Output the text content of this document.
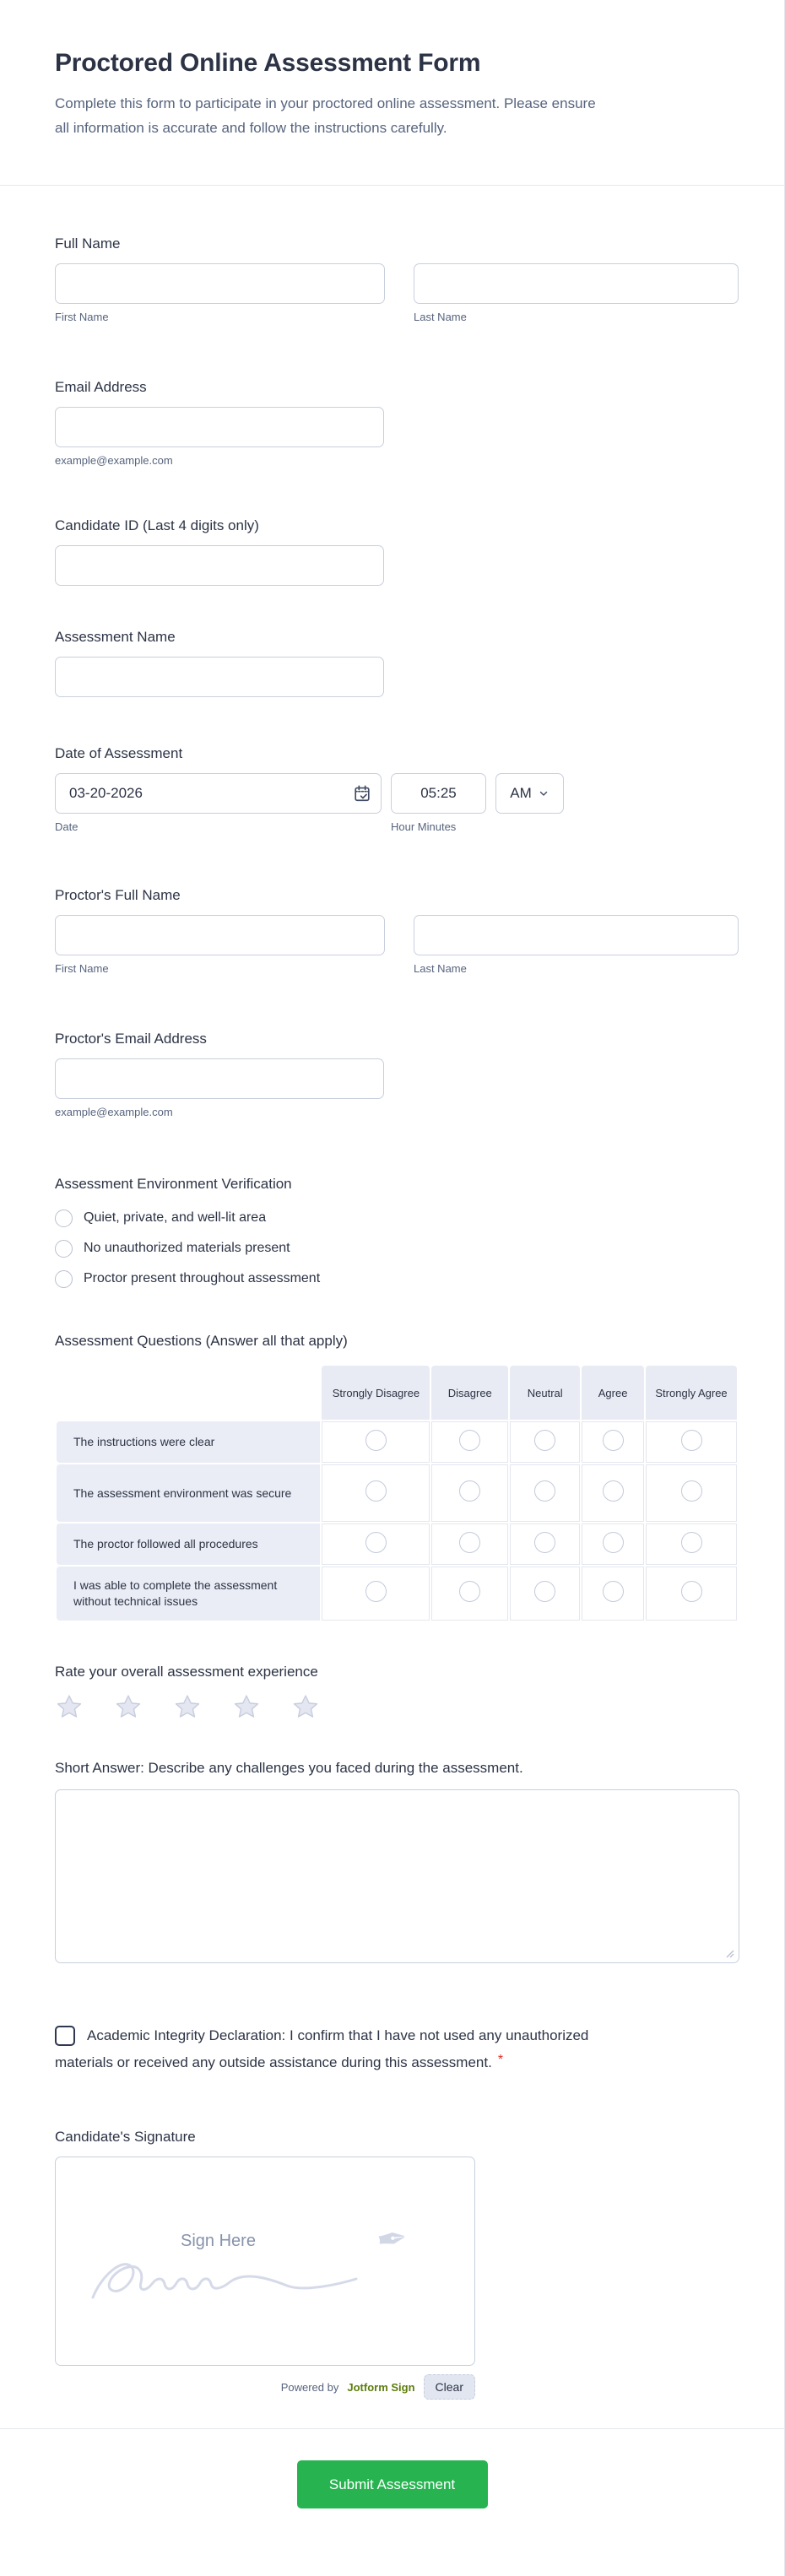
Proctored Online Assessment Form

Complete this form to participate in your proctored online assessment. Please ensure all information is accurate and follow the instructions carefully.

Full Name
First Name	Last Name
Email Address
example@example.com
Candidate ID (Last 4 digits only)
Assessment Name
Date of Assessment
03-20-2026
Date
05:25	Hour Minutes
AM
Proctor's Full Name
First Name	Last Name
Proctor's Email Address
example@example.com
Assessment Environment Verification
Quiet, private, and well-lit area
No unauthorized materials present
Proctor present throughout assessment
Assessment Questions (Answer all that apply)
	Strongly Disagree	Disagree	Neutral	Agree	Strongly Agree
The instructions were clear					
The assessment environment was secure					
The proctor followed all procedures					
I was able to complete the assessment without technical issues					
Rate your overall assessment experience
Short Answer: Describe any challenges you faced during the assessment.
Academic Integrity Declaration: I confirm that I have not used any unauthorized materials or received any outside assistance during this assessment. *
Candidate's Signature
Sign Here	✒
Powered by Jotform Sign	Clear
Submit Assessment
